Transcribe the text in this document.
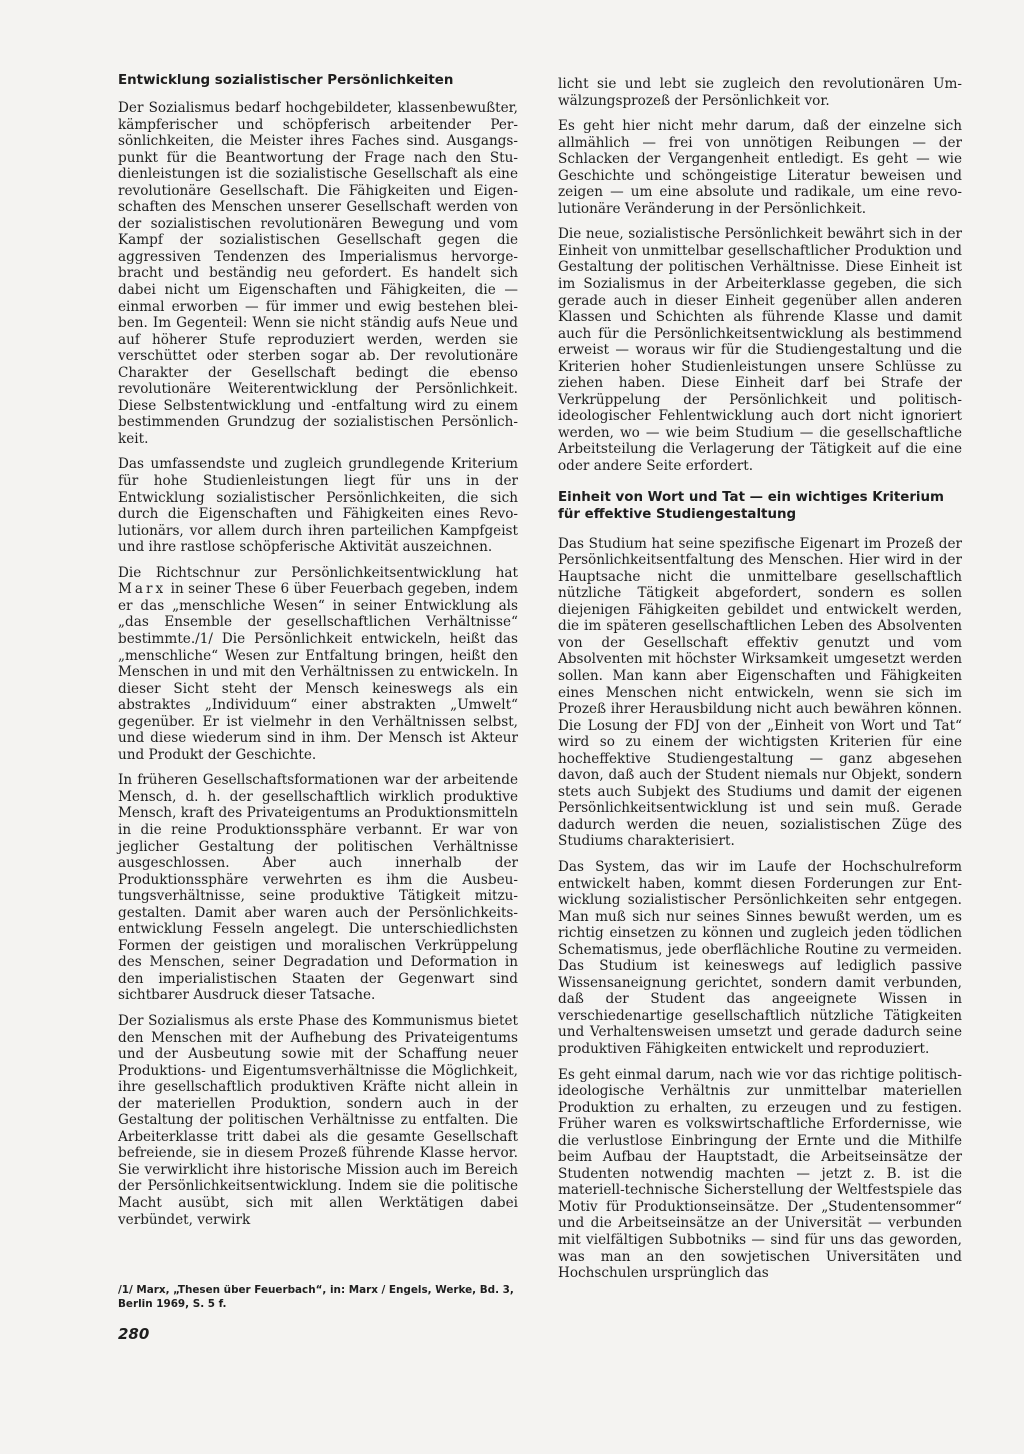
Entwicklung sozialistischer Persönlichkeiten

Der Sozialismus bedarf hochgebildeter, klassenbewußter, kämpferischer und schöpferisch arbeitender Persönlichkeiten, die Meister ihres Faches sind. Ausgangspunkt für die Beantwortung der Frage nach den Studienleistungen ist die sozialistische Gesellschaft als eine revolutionäre Gesellschaft. Die Fähigkeiten und Eigenschaften des Menschen unserer Gesellschaft werden von der sozialistischen revolutionären Bewegung und vom Kampf der sozialistischen Gesellschaft gegen die aggressiven Tendenzen des Imperialismus hervorgebracht und beständig neu gefordert. Es handelt sich dabei nicht um Eigenschaften und Fähigkeiten, die — einmal erworben — für immer und ewig bestehen bleiben. Im Gegenteil: Wenn sie nicht ständig aufs Neue und auf höherer Stufe reproduziert werden, werden sie verschüttet oder sterben sogar ab. Der revolutionäre Charakter der Gesellschaft bedingt die ebenso revolutionäre Weiterentwicklung der Persönlichkeit. Diese Selbstentwicklung und -entfaltung wird zu einem bestimmenden Grundzug der sozialistischen Persönlichkeit.

Das umfassendste und zugleich grundlegende Kriterium für hohe Studienleistungen liegt für uns in der Entwicklung sozialistischer Persönlichkeiten, die sich durch die Eigenschaften und Fähigkeiten eines Revolutionärs, vor allem durch ihren parteilichen Kampfgeist und ihre rastlose schöpferische Aktivität auszeichnen.

Die Richtschnur zur Persönlichkeitsentwicklung hat Marx in seiner These 6 über Feuerbach gegeben, indem er das „menschliche Wesen“ in seiner Entwicklung als „das Ensemble der gesellschaftlichen Verhältnisse“ bestimmte./1/ Die Persönlichkeit entwickeln, heißt das „menschliche“ Wesen zur Entfaltung bringen, heißt den Menschen in und mit den Verhältnissen zu entwickeln. In dieser Sicht steht der Mensch keineswegs als ein abstraktes „Individuum“ einer abstrakten „Umwelt“ gegenüber. Er ist vielmehr in den Verhältnissen selbst, und diese wiederum sind in ihm. Der Mensch ist Akteur und Produkt der Geschichte.

In früheren Gesellschaftsformationen war der arbeitende Mensch, d. h. der gesellschaftlich wirklich produktive Mensch, kraft des Privateigentums an Produktionsmitteln in die reine Produktionssphäre verbannt. Er war von jeglicher Gestaltung der politischen Verhältnisse ausgeschlossen. Aber auch innerhalb der Produktionssphäre verwehrten es ihm die Ausbeutungsverhältnisse, seine produktive Tätigkeit mitzugestalten. Damit aber waren auch der Persönlichkeitsentwicklung Fesseln angelegt. Die unterschiedlichsten Formen der geistigen und moralischen Verkrüppelung des Menschen, seiner Degradation und Deformation in den imperialistischen Staaten der Gegenwart sind sichtbarer Ausdruck dieser Tatsache.

Der Sozialismus als erste Phase des Kommunismus bietet den Menschen mit der Aufhebung des Privateigentums und der Ausbeutung sowie mit der Schaffung neuer Produktions- und Eigentumsverhältnisse die Möglichkeit, ihre gesellschaftlich produktiven Kräfte nicht allein in der materiellen Produktion, sondern auch in der Gestaltung der politischen Verhältnisse zu entfalten. Die Arbeiterklasse tritt dabei als die gesamte Gesellschaft befreiende, sie in diesem Prozeß führende Klasse hervor. Sie verwirklicht ihre historische Mission auch im Bereich der Persönlichkeitsentwicklung. Indem sie die politische Macht ausübt, sich mit allen Werktätigen dabei verbündet, verwirk

licht sie und lebt sie zugleich den revolutionären Umwälzungsprozeß der Persönlichkeit vor.

Es geht hier nicht mehr darum, daß der einzelne sich allmählich — frei von unnötigen Reibungen — der Schlacken der Vergangenheit entledigt. Es geht — wie Geschichte und schöngeistige Literatur beweisen und zeigen — um eine absolute und radikale, um eine revolutionäre Veränderung in der Persönlichkeit.

Die neue, sozialistische Persönlichkeit bewährt sich in der Einheit von unmittelbar gesellschaftlicher Produktion und Gestaltung der politischen Verhältnisse. Diese Einheit ist im Sozialismus in der Arbeiterklasse gegeben, die sich gerade auch in dieser Einheit gegenüber allen anderen Klassen und Schichten als führende Klasse und damit auch für die Persönlichkeitsentwicklung als bestimmend erweist — woraus wir für die Studiengestaltung und die Kriterien hoher Studienleistungen unsere Schlüsse zu ziehen haben. Diese Einheit darf bei Strafe der Verkrüppelung der Persönlichkeit und politisch-ideologischer Fehlentwicklung auch dort nicht ignoriert werden, wo — wie beim Studium — die gesellschaftliche Arbeitsteilung die Verlagerung der Tätigkeit auf die eine oder andere Seite erfordert.

Einheit von Wort und Tat — ein wichtiges Kriterium für effektive Studiengestaltung

Das Studium hat seine spezifische Eigenart im Prozeß der Persönlichkeitsentfaltung des Menschen. Hier wird in der Hauptsache nicht die unmittelbare gesellschaftlich nützliche Tätigkeit abgefordert, sondern es sollen diejenigen Fähigkeiten gebildet und entwickelt werden, die im späteren gesellschaftlichen Leben des Absolventen von der Gesellschaft effektiv genutzt und vom Absolventen mit höchster Wirksamkeit umgesetzt werden sollen. Man kann aber Eigenschaften und Fähigkeiten eines Menschen nicht entwickeln, wenn sie sich im Prozeß ihrer Herausbildung nicht auch bewähren können. Die Losung der FDJ von der „Einheit von Wort und Tat“ wird so zu einem der wichtigsten Kriterien für eine hocheffektive Studiengestaltung — ganz abgesehen davon, daß auch der Student niemals nur Objekt, sondern stets auch Subjekt des Studiums und damit der eigenen Persönlichkeitsentwicklung ist und sein muß. Gerade dadurch werden die neuen, sozialistischen Züge des Studiums charakterisiert.

Das System, das wir im Laufe der Hochschulreform entwickelt haben, kommt diesen Forderungen zur Entwicklung sozialistischer Persönlichkeiten sehr entgegen. Man muß sich nur seines Sinnes bewußt werden, um es richtig einsetzen zu können und zugleich jeden tödlichen Schematismus, jede oberflächliche Routine zu vermeiden. Das Studium ist keineswegs auf lediglich passive Wissensaneignung gerichtet, sondern damit verbunden, daß der Student das angeeignete Wissen in verschiedenartige gesellschaftlich nützliche Tätigkeiten und Verhaltensweisen umsetzt und gerade dadurch seine produktiven Fähigkeiten entwickelt und reproduziert.

Es geht einmal darum, nach wie vor das richtige politisch-ideologische Verhältnis zur unmittelbar materiellen Produktion zu erhalten, zu erzeugen und zu festigen. Früher waren es volkswirtschaftliche Erfordernisse, wie die verlustlose Einbringung der Ernte und die Mithilfe beim Aufbau der Hauptstadt, die Arbeitseinsätze der Studenten notwendig machten — jetzt z. B. ist die materiell-technische Sicherstellung der Weltfestspiele das Motiv für Produktionseinsätze. Der „Studentensommer“ und die Arbeitseinsätze an der Universität — verbunden mit vielfältigen Subbotniks — sind für uns das geworden, was man an den sowjetischen Universitäten und Hochschulen ursprünglich das

/1/ Marx, „Thesen über Feuerbach“, in: Marx / Engels, Werke, Bd. 3, Berlin 1969, S. 5 f.
280
